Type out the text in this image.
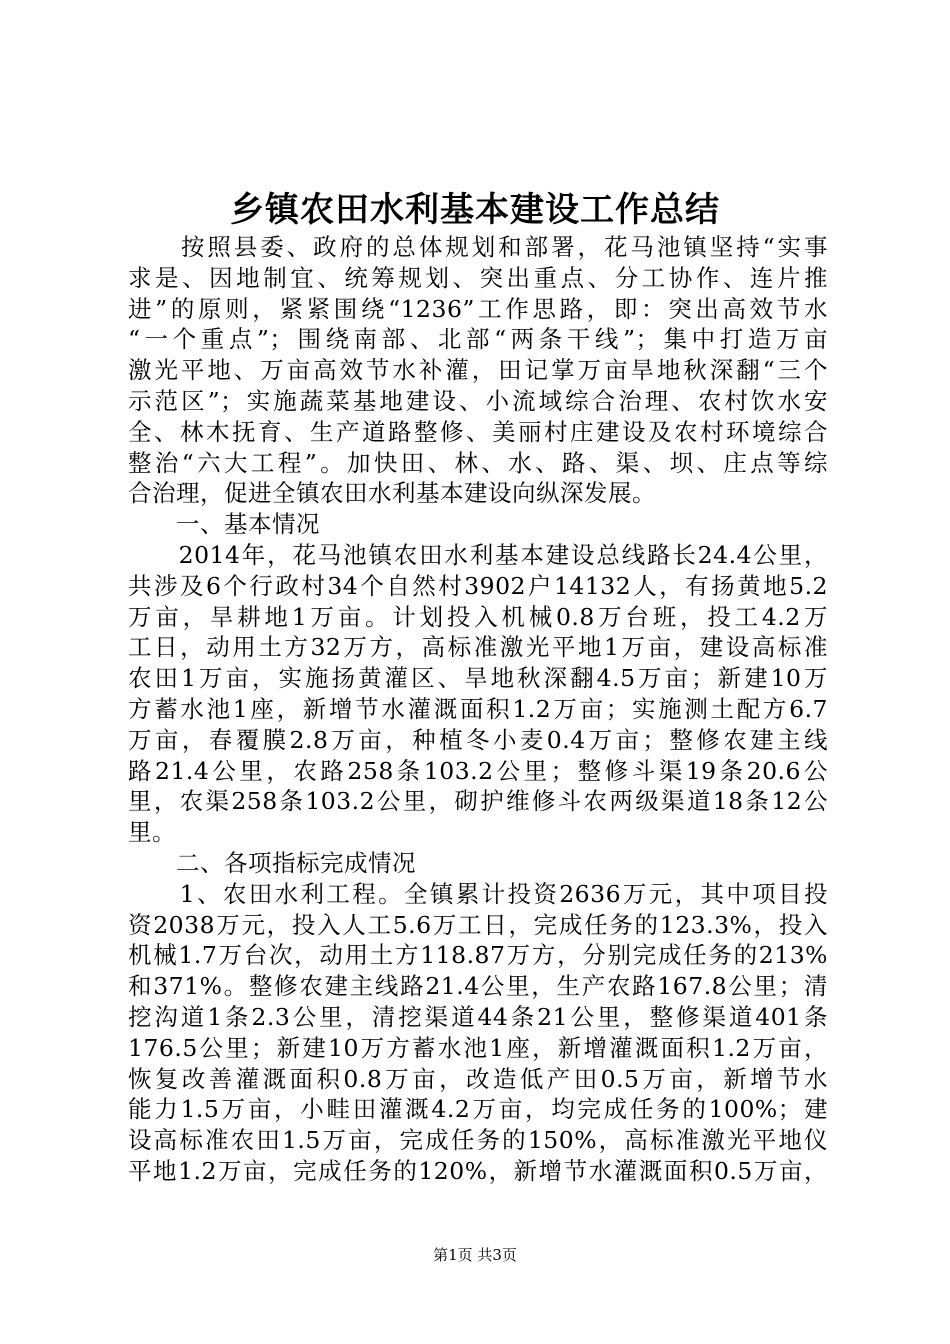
乡镇农田水利基本建设工作总结
　　按照县委、政府的总体规划和部署，花马池镇坚持“实事
求是、因地制宜、统筹规划、突出重点、分工协作、连片推
进”的原则，紧紧围绕“1236”工作思路，即：突出高效节水
“一个重点”；围绕南部、北部“两条干线”；集中打造万亩
激光平地、万亩高效节水补灌，田记掌万亩旱地秋深翻“三个
示范区”；实施蔬菜基地建设、小流域综合治理、农村饮水安
全、林木抚育、生产道路整修、美丽村庄建设及农村环境综合
整治“六大工程”。加快田、林、水、路、渠、坝、庄点等综
合治理，促进全镇农田水利基本建设向纵深发展。
　　一、基本情况
　　2014年，花马池镇农田水利基本建设总线路长24.4公里，
共涉及6个行政村34个自然村3902户14132人，有扬黄地5.2
万亩，旱耕地1万亩。计划投入机械0.8万台班，投工4.2万
工日，动用土方32万方，高标准激光平地1万亩，建设高标准
农田1万亩，实施扬黄灌区、旱地秋深翻4.5万亩；新建10万
方蓄水池1座，新增节水灌溉面积1.2万亩；实施测土配方6.7
万亩，春覆膜2.8万亩，种植冬小麦0.4万亩；整修农建主线
路21.4公里，农路258条103.2公里；整修斗渠19条20.6公
里，农渠258条103.2公里，砌护维修斗农两级渠道18条12公
里。
　　二、各项指标完成情况
　　1、农田水利工程。全镇累计投资2636万元，其中项目投
资2038万元，投入人工5.6万工日，完成任务的123.3%，投入
机械1.7万台次，动用土方118.87万方，分别完成任务的213%
和371%。整修农建主线路21.4公里，生产农路167.8公里；清
挖沟道1条2.3公里，清挖渠道44条21公里，整修渠道401条
176.5公里；新建10万方蓄水池1座，新增灌溉面积1.2万亩，
恢复改善灌溉面积0.8万亩，改造低产田0.5万亩，新增节水
能力1.5万亩，小畦田灌溉4.2万亩，均完成任务的100%；建
设高标准农田1.5万亩，完成任务的150%，高标准激光平地仪
平地1.2万亩，完成任务的120%，新增节水灌溉面积0.5万亩，
第1页 共3页
